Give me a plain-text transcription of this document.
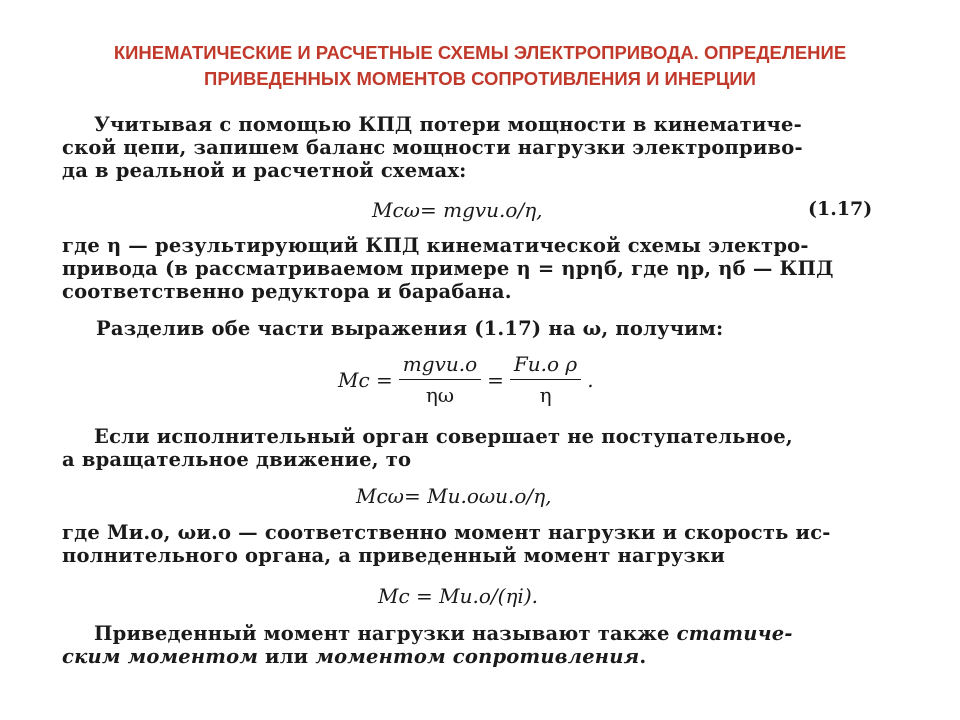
КИНЕМАТИЧЕСКИЕ И РАСЧЕТНЫЕ СХЕМЫ ЭЛЕКТРОПРИВОДА. ОПРЕДЕЛЕНИЕ
ПРИВЕДЕННЫХ МОМЕНТОВ СОПРОТИВЛЕНИЯ И ИНЕРЦИИ
Учитывая с помощью КПД потери мощности в кинематиче-
ской цепи, запишем баланс мощности нагрузки электроприво-
да в реальной и расчетной схемах:
Mсω= mgvи.о/η,	(1.17)
где η — результирующий КПД кинематической схемы электро-
привода (в рассматриваемом примере η = ηрηб, где ηр, ηб — КПД
соответственно редуктора и барабана.
Разделив обе части выражения (1.17) на ω, получим:
Mс = $\frac{\text{mgvи.о}}{\eta\omega} = \frac{\text{Fи.о ρ}}{\eta}$ .
Если исполнительный орган совершает не поступательное,
а вращательное движение, то
Mсω= Mи.оωи.о/η,
где Mи.о, ωи.о — соответственно момент нагрузки и скорость ис-
полнительного органа, а приведенный момент нагрузки
Mс = Mи.о/(ηi).
Приведенный момент нагрузки называют также статиче-
ским моментом или моментом сопротивления.
